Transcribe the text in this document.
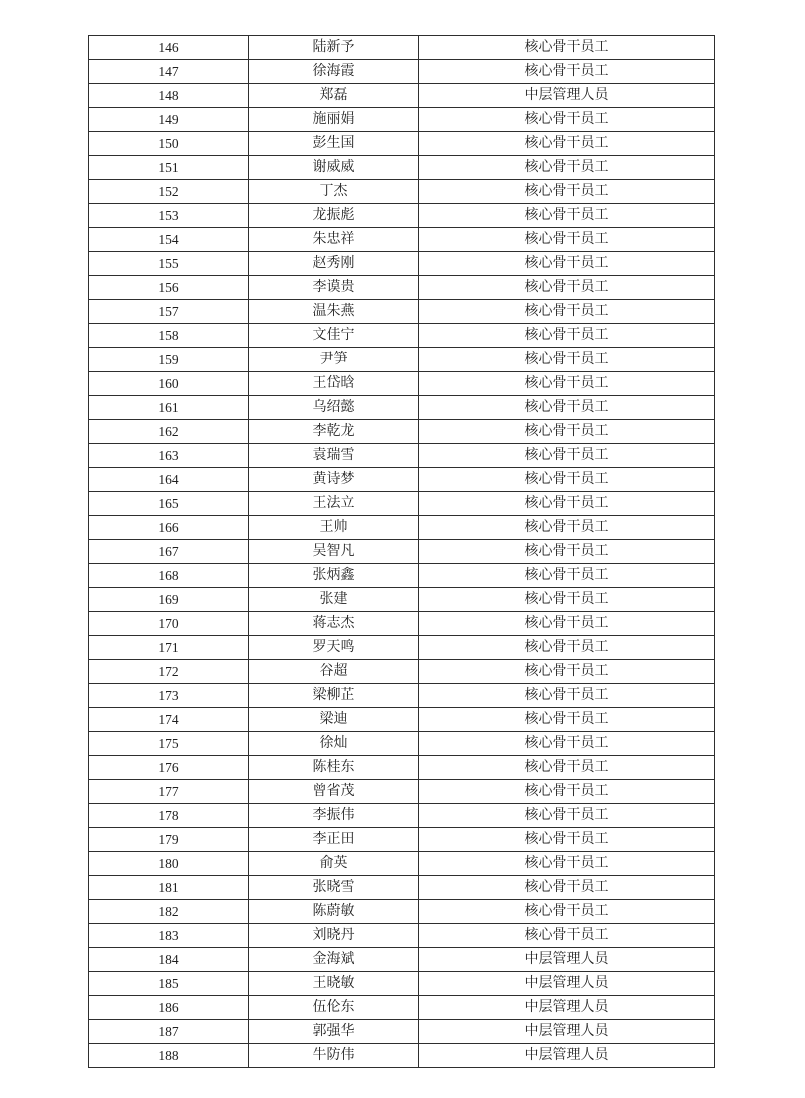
146	陆新予	核心骨干员工
147	徐海霞	核心骨干员工
148	郑磊	中层管理人员
149	施丽娟	核心骨干员工
150	彭生国	核心骨干员工
151	谢威威	核心骨干员工
152	丁杰	核心骨干员工
153	龙振彪	核心骨干员工
154	朱忠祥	核心骨干员工
155	赵秀刚	核心骨干员工
156	李谟贵	核心骨干员工
157	温朱燕	核心骨干员工
158	文佳宁	核心骨干员工
159	尹笋	核心骨干员工
160	王岱晗	核心骨干员工
161	乌绍懿	核心骨干员工
162	李乾龙	核心骨干员工
163	袁瑞雪	核心骨干员工
164	黄诗梦	核心骨干员工
165	王法立	核心骨干员工
166	王帅	核心骨干员工
167	吴智凡	核心骨干员工
168	张炳鑫	核心骨干员工
169	张建	核心骨干员工
170	蒋志杰	核心骨干员工
171	罗天鸣	核心骨干员工
172	谷超	核心骨干员工
173	梁柳芷	核心骨干员工
174	梁迪	核心骨干员工
175	徐灿	核心骨干员工
176	陈桂东	核心骨干员工
177	曾省茂	核心骨干员工
178	李振伟	核心骨干员工
179	李正田	核心骨干员工
180	俞英	核心骨干员工
181	张晓雪	核心骨干员工
182	陈蔚敏	核心骨干员工
183	刘晓丹	核心骨干员工
184	金海斌	中层管理人员
185	王晓敏	中层管理人员
186	伍伦东	中层管理人员
187	郭强华	中层管理人员
188	牛防伟	中层管理人员
